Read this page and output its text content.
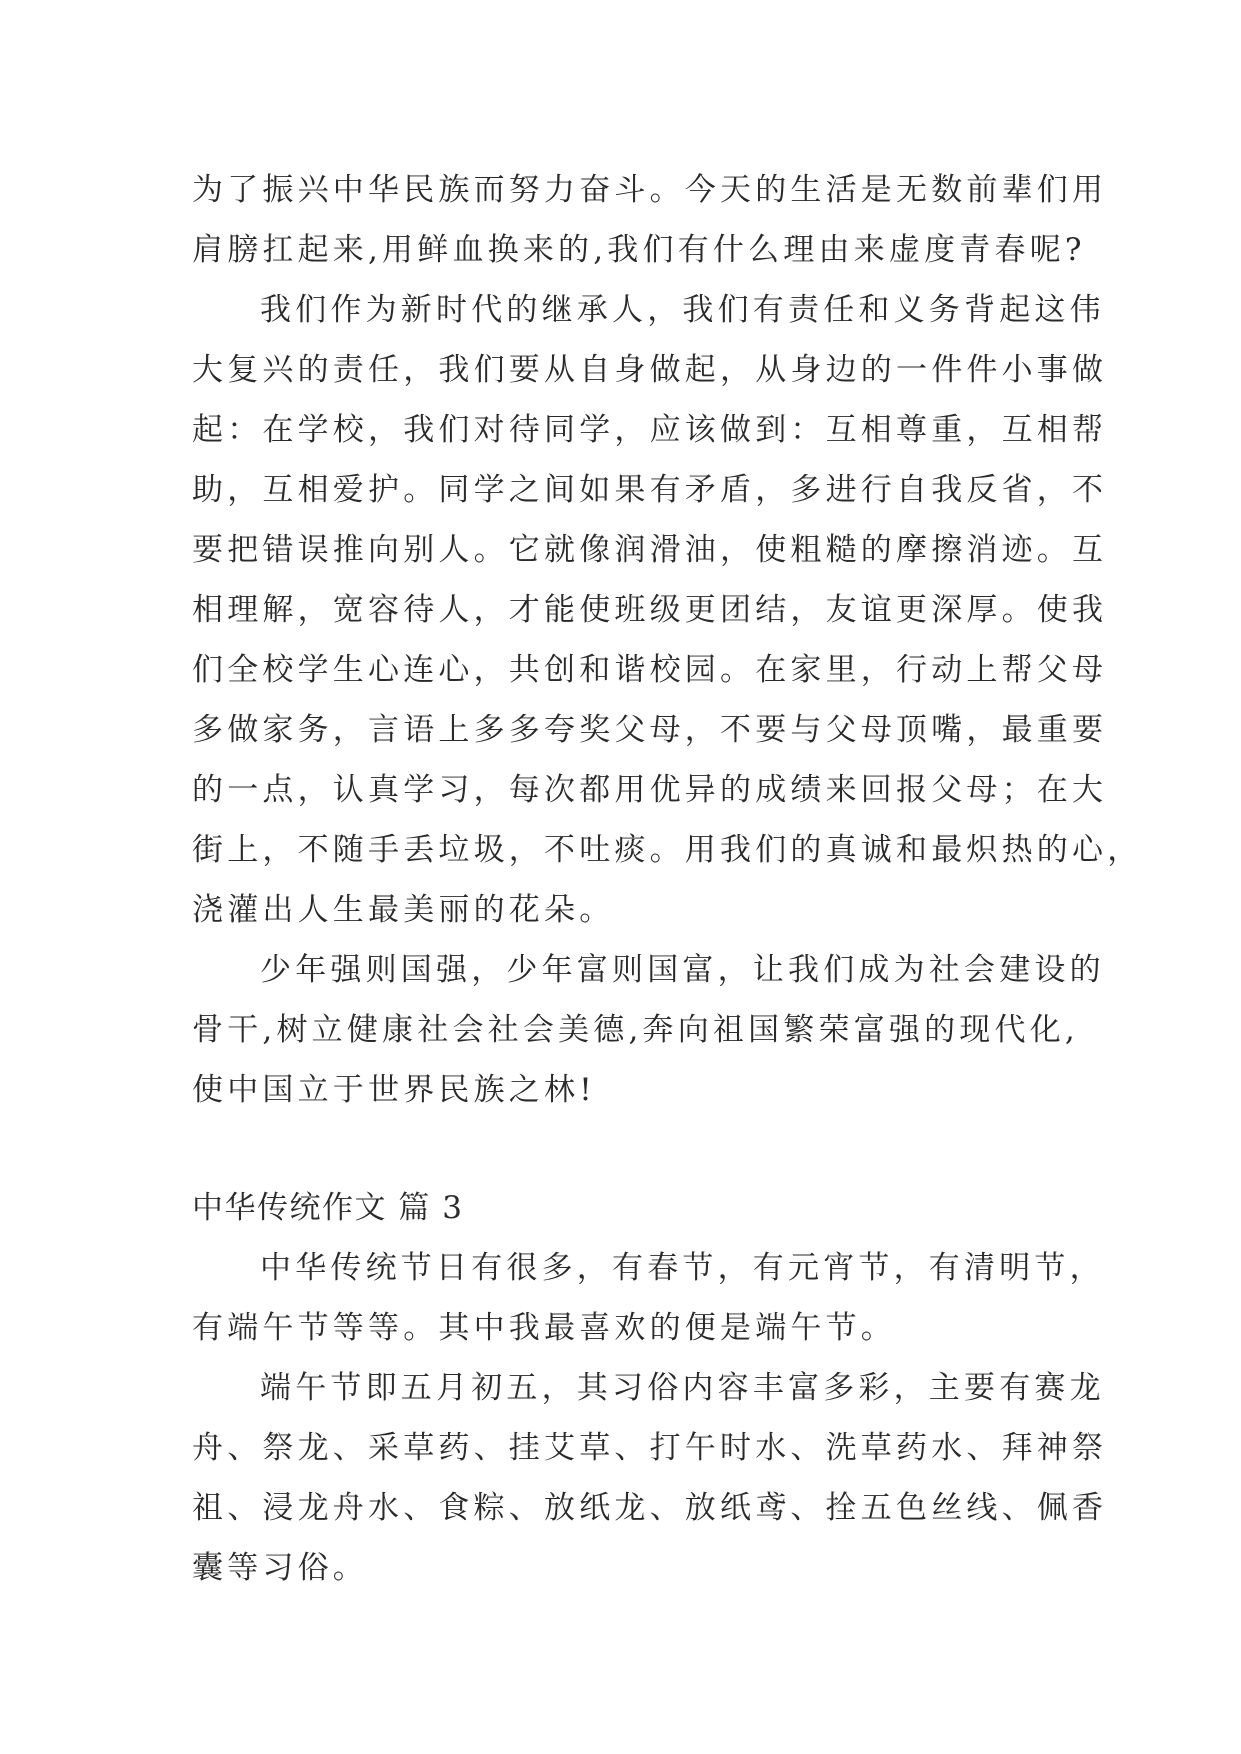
为了振兴中华民族而努力奋斗。今天的生活是无数前辈们用
肩膀扛起来,用鲜血换来的,我们有什么理由来虚度青春呢?
我们作为新时代的继承人，我们有责任和义务背起这伟
大复兴的责任，我们要从自身做起，从身边的一件件小事做
起：在学校，我们对待同学，应该做到：互相尊重，互相帮
助，互相爱护。同学之间如果有矛盾，多进行自我反省，不
要把错误推向别人。它就像润滑油，使粗糙的摩擦消迹。互
相理解，宽容待人，才能使班级更团结，友谊更深厚。使我
们全校学生心连心，共创和谐校园。在家里，行动上帮父母
多做家务，言语上多多夸奖父母，不要与父母顶嘴，最重要
的一点，认真学习，每次都用优异的成绩来回报父母；在大
街上，不随手丢垃圾，不吐痰。用我们的真诚和最炽热的心，
浇灌出人生最美丽的花朵。
少年强则国强，少年富则国富，让我们成为社会建设的
骨干,树立健康社会社会美德,奔向祖国繁荣富强的现代化,
使中国立于世界民族之林!
中华传统作文 篇 3
中华传统节日有很多，有春节，有元宵节，有清明节，
有端午节等等。其中我最喜欢的便是端午节。
端午节即五月初五，其习俗内容丰富多彩，主要有赛龙
舟、祭龙、采草药、挂艾草、打午时水、洗草药水、拜神祭
祖、浸龙舟水、食粽、放纸龙、放纸鸢、拴五色丝线、佩香
囊等习俗。
